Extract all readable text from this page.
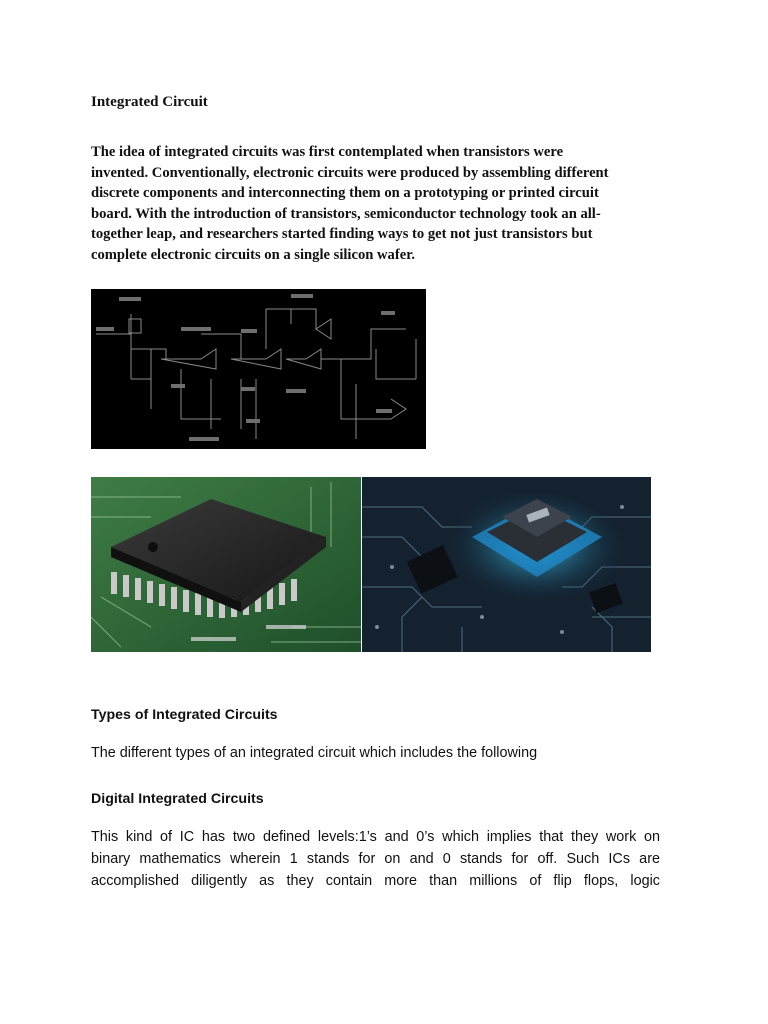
Integrated Circuit

The idea of integrated circuits was first contemplated when transistors were
invented. Conventionally, electronic circuits were produced by assembling different
discrete components and interconnecting them on a prototyping or printed circuit
board. With the introduction of transistors, semiconductor technology took an all-
together leap, and researchers started finding ways to get not just transistors but
complete electronic circuits on a single silicon wafer.

Types of Integrated Circuits

The different types of an integrated circuit which includes the following

Digital Integrated Circuits

This kind of IC has two defined levels:1’s and 0’s which implies that they work on
binary mathematics wherein 1 stands for on and 0 stands for off. Such ICs are
accomplished diligently as they contain more than millions of flip flops, logic
